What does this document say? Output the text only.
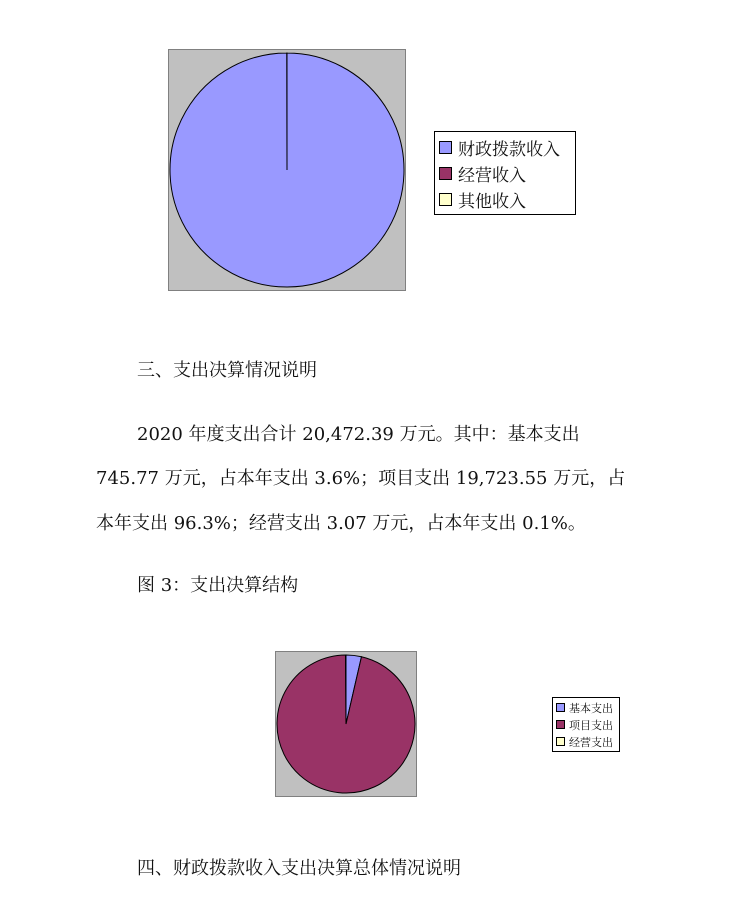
财政拨款收入
经营收入
其他收入
三、支出决算情况说明
2020 年度支出合计 20,472.39 万元。其中：基本支出
745.77 万元，占本年支出 3.6%；项目支出 19,723.55 万元，占
本年支出 96.3%；经营支出 3.07 万元，占本年支出 0.1%。
图 3：支出决算结构
基本支出
项目支出
经营支出
四、财政拨款收入支出决算总体情况说明
